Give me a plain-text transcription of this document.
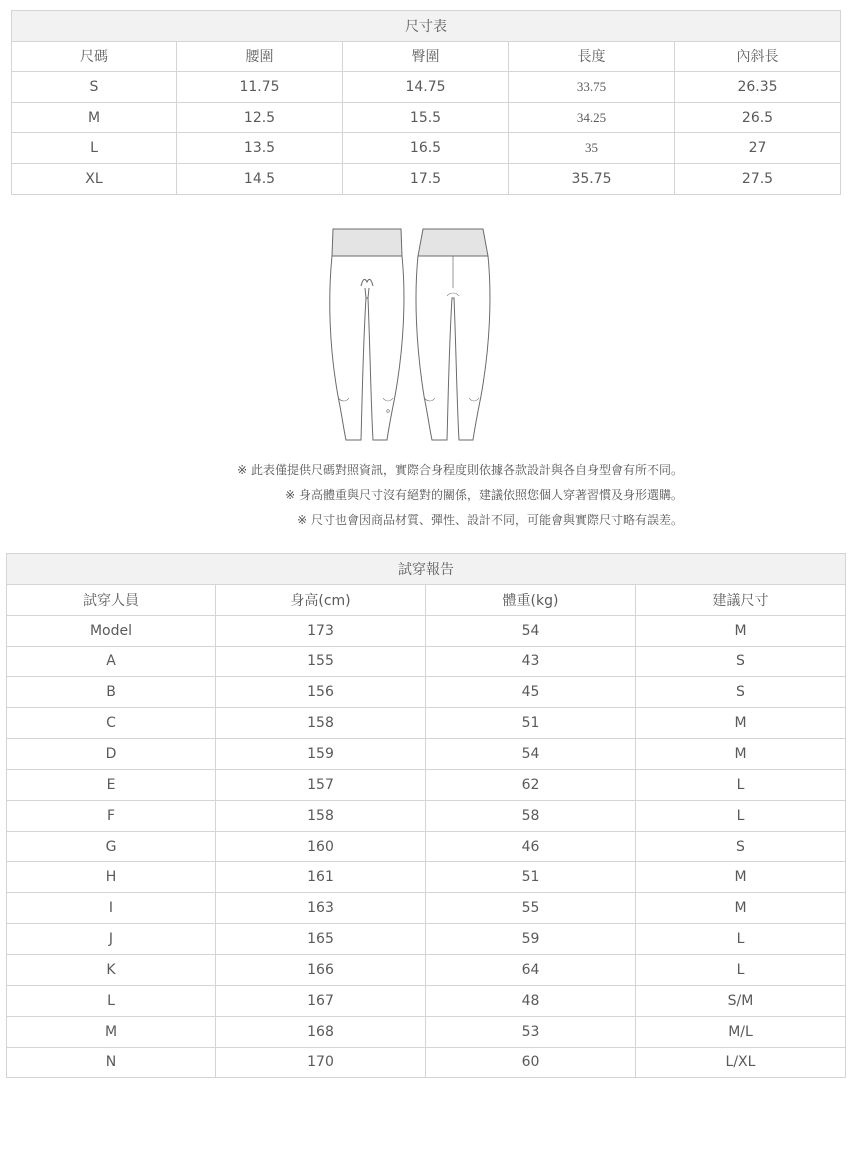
尺寸表				
尺碼	腰圍	臀圍	長度	內斜長
S	11.75	14.75	33.75	26.35
M	12.5	15.5	34.25	26.5
L	13.5	16.5	35	27
XL	14.5	17.5	35.75	27.5
※ 此表僅提供尺碼對照資訊，實際合身程度則依據各款設計與各自身型會有所不同。
※ 身高體重與尺寸沒有絕對的關係，建議依照您個人穿著習慣及身形選購。
※ 尺寸也會因商品材質、彈性、設計不同，可能會與實際尺寸略有誤差。
試穿報告			
試穿人員	身高(cm)	體重(kg)	建議尺寸
Model	173	54	M
A	155	43	S
B	156	45	S
C	158	51	M
D	159	54	M
E	157	62	L
F	158	58	L
G	160	46	S
H	161	51	M
I	163	55	M
J	165	59	L
K	166	64	L
L	167	48	S/M
M	168	53	M/L
N	170	60	L/XL
